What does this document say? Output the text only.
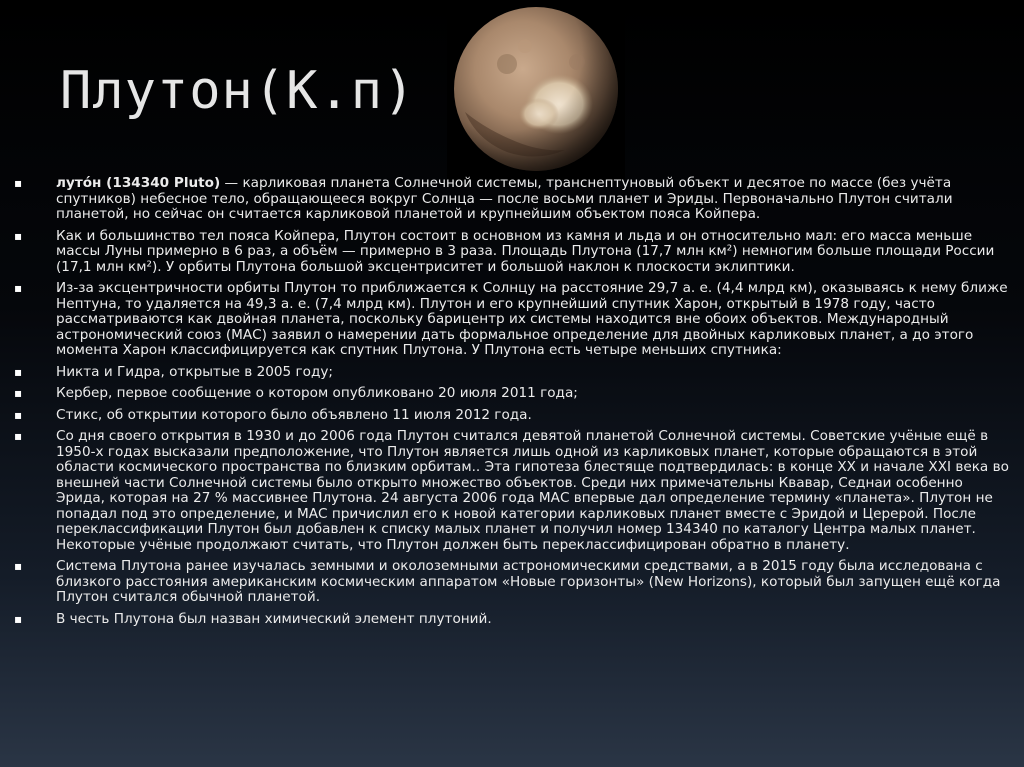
Плутон(К.п)
▪ луто́н (134340 Pluto) — карликовая планета Солнечной системы, транснептуновый объект и десятое по массе (без учёта спутников) небесное тело, обращающееся вокруг Солнца — после восьми планет и Эриды. Первоначально Плутон считали планетой, но сейчас он считается карликовой планетой и крупнейшим объектом пояса Койпера.
▪ Как и большинство тел пояса Койпера, Плутон состоит в основном из камня и льда и он относительно мал: его масса меньше массы Луны примерно в 6 раз, а объём — примерно в 3 раза. Площадь Плутона (17,7 млн км²) немногим больше площади России (17,1 млн км²). У орбиты Плутона большой эксцентриситет и большой наклон к плоскости эклиптики.
▪ Из-за эксцентричности орбиты Плутон то приближается к Солнцу на расстояние 29,7 а. е. (4,4 млрд км), оказываясь к нему ближе Нептуна, то удаляется на 49,3 а. е. (7,4 млрд км). Плутон и его крупнейший спутник Харон, открытый в 1978 году, часто рассматриваются как двойная планета, поскольку барицентр их системы находится вне обоих объектов. Международный астрономический союз (МАС) заявил о намерении дать формальное определение для двойных карликовых планет, а до этого момента Харон классифицируется как спутник Плутона. У Плутона есть четыре меньших спутника:
▪ Никта и Гидра, открытые в 2005 году;
▪ Кербер, первое сообщение о котором опубликовано 20 июля 2011 года;
▪ Стикс, об открытии которого было объявлено 11 июля 2012 года.
▪ Со дня своего открытия в 1930 и до 2006 года Плутон считался девятой планетой Солнечной системы. Советские учёные ещё в 1950-х годах высказали предположение, что Плутон является лишь одной из карликовых планет, которые обращаются в этой области космического пространства по близким орбитам.. Эта гипотеза блестяще подтвердилась: в конце XX и начале XXI века во внешней части Солнечной системы было открыто множество объектов. Среди них примечательны Квавар, Седнаи особенно Эрида, которая на 27 % массивнее Плутона. 24 августа 2006 года МАС впервые дал определение термину «планета». Плутон не попадал под это определение, и МАС причислил его к новой категории карликовых планет вместе с Эридой и Церерой. После переклассификации Плутон был добавлен к списку малых планет и получил номер 134340 по каталогу Центра малых планет. Некоторые учёные продолжают считать, что Плутон должен быть переклассифицирован обратно в планету.
▪ Система Плутона ранее изучалась земными и околоземными астрономическими средствами, а в 2015 году была исследована с близкого расстояния американским космическим аппаратом «Новые горизонты» (New Horizons), который был запущен ещё когда Плутон считался обычной планетой.
▪ В честь Плутона был назван химический элемент плутоний.
